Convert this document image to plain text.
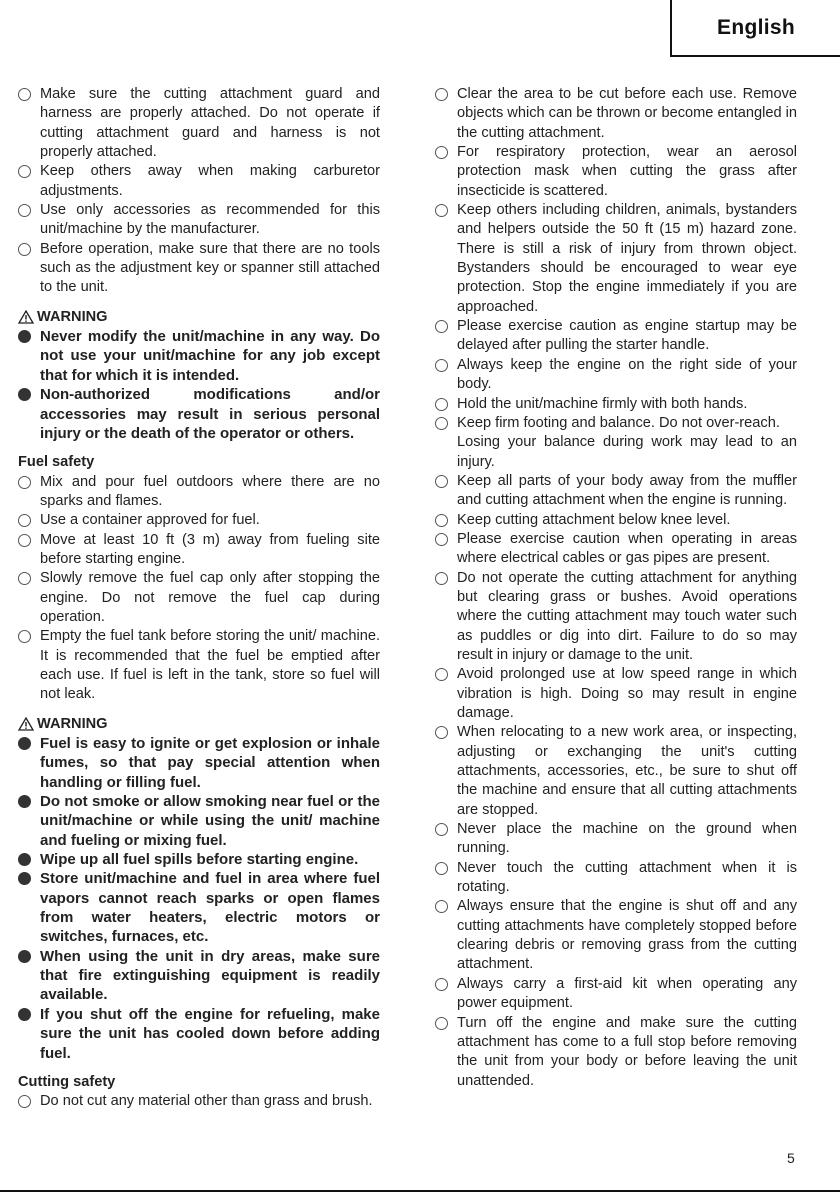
English
Make sure the cutting attachment guard and harness are properly attached. Do not operate if cutting attachment guard and harness is not properly attached.
Keep others away when making carburetor adjustments.
Use only accessories as recommended for this unit/machine by the manufacturer.
Before operation, make sure that there are no tools such as the adjustment key or spanner still attached to the unit.
WARNING
Never modify the unit/machine in any way. Do not use your unit/machine for any job except that for which it is intended.
Non-authorized modifications and/or accessories may result in serious personal injury or the death of the operator or others.
Fuel safety
Mix and pour fuel outdoors where there are no sparks and flames.
Use a container approved for fuel.
Move at least 10 ft (3 m) away from fueling site before starting engine.
Slowly remove the fuel cap only after stopping the engine. Do not remove the fuel cap during operation.
Empty the fuel tank before storing the unit/ machine. It is recommended that the fuel be emptied after each use. If fuel is left in the tank, store so fuel will not leak.
WARNING
Fuel is easy to ignite or get explosion or inhale fumes, so that pay special attention when handling or filling fuel.
Do not smoke or allow smoking near fuel or the unit/machine or while using the unit/ machine and fueling or mixing fuel.
Wipe up all fuel spills before starting engine.
Store unit/machine and fuel in area where fuel vapors cannot reach sparks or open flames from water heaters, electric motors or switches, furnaces, etc.
When using the unit in dry areas, make sure that fire extinguishing equipment is readily available.
If you shut off the engine for refueling, make sure the unit has cooled down before adding fuel.
Cutting safety
Do not cut any material other than grass and brush.
Clear the area to be cut before each use. Remove objects which can be thrown or become entangled in the cutting attachment.
For respiratory protection, wear an aerosol protection mask when cutting the grass after insecticide is scattered.
Keep others including children, animals, bystanders and helpers outside the 50 ft (15 m) hazard zone. There is still a risk of injury from thrown object. Bystanders should be encouraged to wear eye protection. Stop the engine immediately if you are approached.
Please exercise caution as engine startup may be delayed after pulling the starter handle.
Always keep the engine on the right side of your body.
Hold the unit/machine firmly with both hands.
Keep firm footing and balance. Do not over-reach.
Losing your balance during work may lead to an injury.
Keep all parts of your body away from the muffler and cutting attachment when the engine is running.
Keep cutting attachment below knee level.
Please exercise caution when operating in areas where electrical cables or gas pipes are present.
Do not operate the cutting attachment for anything but clearing grass or bushes. Avoid operations where the cutting attachment may touch water such as puddles or dig into dirt. Failure to do so may result in injury or damage to the unit.
Avoid prolonged use at low speed range in which vibration is high. Doing so may result in engine damage.
When relocating to a new work area, or inspecting, adjusting or exchanging the unit's cutting attachments, accessories, etc., be sure to shut off the machine and ensure that all cutting attachments are stopped.
Never place the machine on the ground when running.
Never touch the cutting attachment when it is rotating.
Always ensure that the engine is shut off and any cutting attachments have completely stopped before clearing debris or removing grass from the cutting attachment.
Always carry a first-aid kit when operating any power equipment.
Turn off the engine and make sure the cutting attachment has come to a full stop before removing the unit from your body or before leaving the unit unattended.
5
